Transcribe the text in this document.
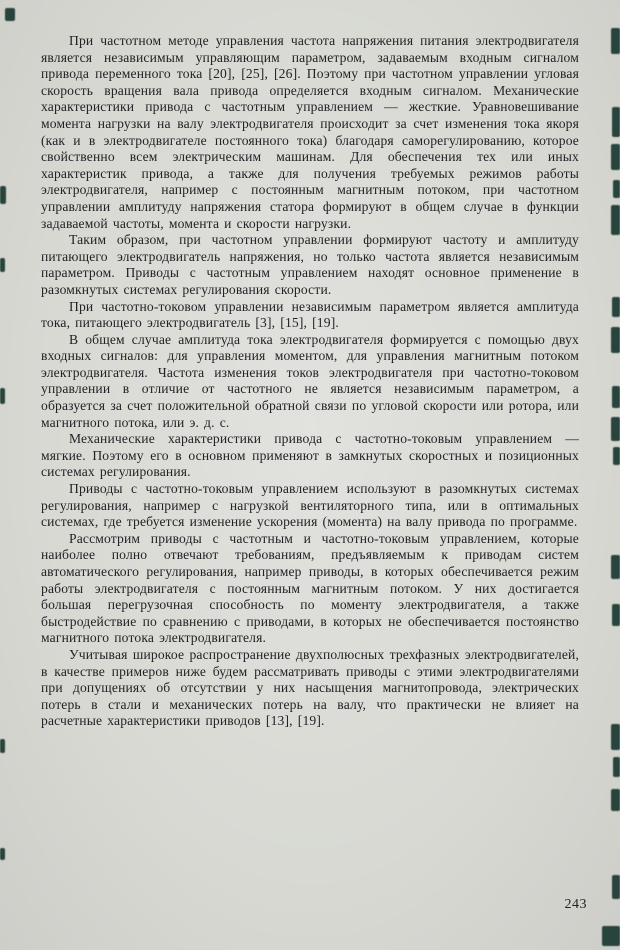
При частотном методе управления частота напряжения питания электродвигателя является независимым управляющим параметром, задаваемым входным сигналом привода переменного тока [20], [25], [26]. Поэтому при частотном управлении угловая скорость вращения вала привода определяется входным сигналом. Механические характеристики привода с частотным управлением — жесткие. Уравновешивание момента нагрузки на валу электродвигателя происходит за счет изменения тока якоря (как и в электродвигателе постоянного тока) благодаря саморегулированию, которое свойственно всем электрическим машинам. Для обеспечения тех или иных характеристик привода, а также для получения требуемых режимов работы электродвигателя, например с постоянным магнитным потоком, при частотном управлении амплитуду напряжения статора формируют в общем случае в функции задаваемой частоты, момента и скорости нагрузки.

Таким образом, при частотном управлении формируют частоту и амплитуду питающего электродвигатель напряжения, но только частота является независимым параметром. Приводы с частотным управлением находят основное применение в разомкнутых системах регулирования скорости.

При частотно-токовом управлении независимым параметром является амплитуда тока, питающего электродвигатель [3], [15], [19].

В общем случае амплитуда тока электродвигателя формируется с помощью двух входных сигналов: для управления моментом, для управления магнитным потоком электродвигателя. Частота изменения токов электродвигателя при частотно-токовом управлении в отличие от частотного не является независимым параметром, а образуется за счет положительной обратной связи по угловой скорости или ротора, или магнитного потока, или э. д. с.

Механические характеристики привода с частотно-токовым управлением — мягкие. Поэтому его в основном применяют в замкнутых скоростных и позиционных системах регулирования.

Приводы с частотно-токовым управлением используют в разомкнутых системах регулирования, например с нагрузкой вентиляторного типа, или в оптимальных системах, где требуется изменение ускорения (момента) на валу привода по программе.

Рассмотрим приводы с частотным и частотно-токовым управлением, которые наиболее полно отвечают требованиям, предъявляемым к приводам систем автоматического регулирования, например приводы, в которых обеспечивается режим работы электродвигателя с постоянным магнитным потоком. У них достигается большая перегрузочная способность по моменту электродвигателя, а также быстродействие по сравнению с приводами, в которых не обеспечивается постоянство магнитного потока электродвигателя.

Учитывая широкое распространение двухполюсных трехфазных электродвигателей, в качестве примеров ниже будем рассматривать приводы с этими электродвигателями при допущениях об отсутствии у них насыщения магнитопровода, электрических потерь в стали и механических потерь на валу, что практически не влияет на расчетные характеристики приводов [13], [19].

243
